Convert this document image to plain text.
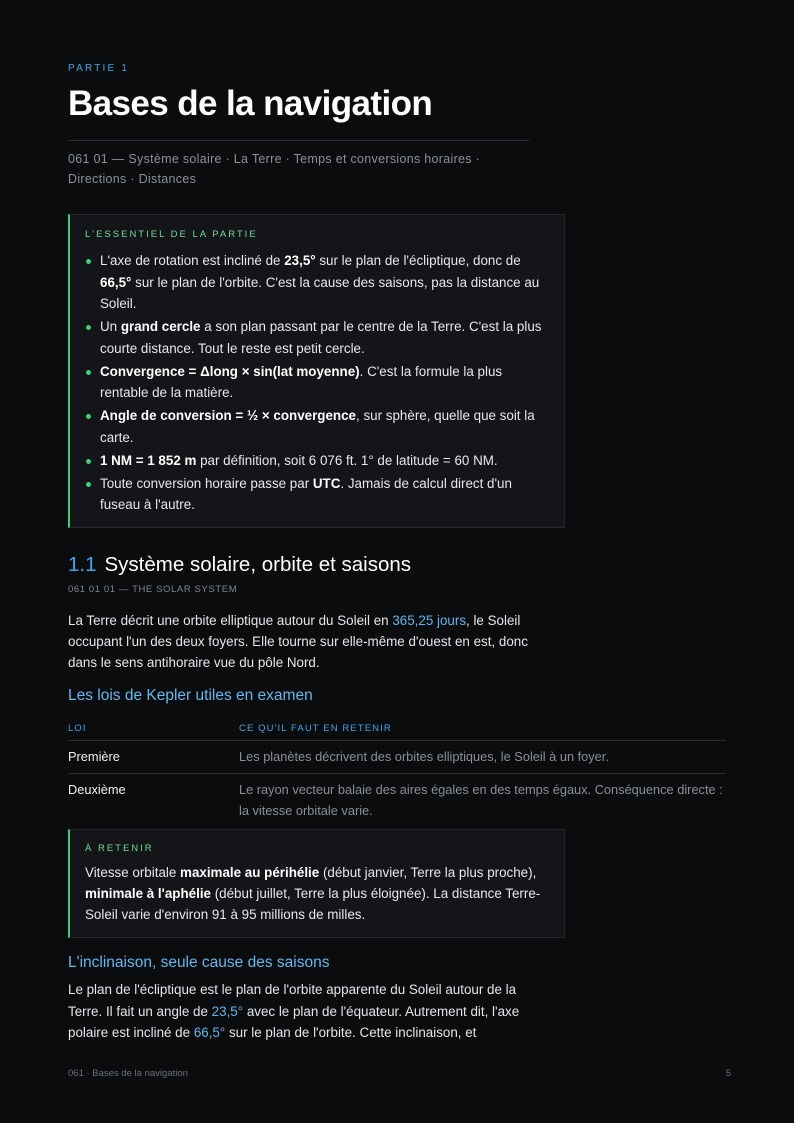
PARTIE 1
Bases de la navigation
061 01 — Système solaire · La Terre · Temps et conversions horaires · Directions · Distances
L'ESSENTIEL DE LA PARTIE
L'axe de rotation est incliné de 23,5° sur le plan de l'écliptique, donc de 66,5° sur le plan de l'orbite. C'est la cause des saisons, pas la distance au Soleil.
Un grand cercle a son plan passant par le centre de la Terre. C'est la plus courte distance. Tout le reste est petit cercle.
Convergence = Δlong × sin(lat moyenne). C'est la formule la plus rentable de la matière.
Angle de conversion = ½ × convergence, sur sphère, quelle que soit la carte.
1 NM = 1 852 m par définition, soit 6 076 ft. 1° de latitude = 60 NM.
Toute conversion horaire passe par UTC. Jamais de calcul direct d'un fuseau à l'autre.
1.1 Système solaire, orbite et saisons
061 01 01 — THE SOLAR SYSTEM
La Terre décrit une orbite elliptique autour du Soleil en 365,25 jours, le Soleil occupant l'un des deux foyers. Elle tourne sur elle-même d'ouest en est, donc dans le sens antihoraire vue du pôle Nord.
Les lois de Kepler utiles en examen
LOI	CE QU'IL FAUT EN RETENIR
Première	Les planètes décrivent des orbites elliptiques, le Soleil à un foyer.
Deuxième	Le rayon vecteur balaie des aires égales en des temps égaux. Conséquence directe : la vitesse orbitale varie.
À RETENIR

Vitesse orbitale maximale au périhélie (début janvier, Terre la plus proche), minimale à l'aphélie (début juillet, Terre la plus éloignée). La distance Terre-Soleil varie d'environ 91 à 95 millions de milles.

L'inclinaison, seule cause des saisons
Le plan de l'écliptique est le plan de l'orbite apparente du Soleil autour de la Terre. Il fait un angle de 23,5° avec le plan de l'équateur. Autrement dit, l'axe polaire est incliné de 66,5° sur le plan de l'orbite. Cette inclinaison, et
061 · Bases de la navigation	5
